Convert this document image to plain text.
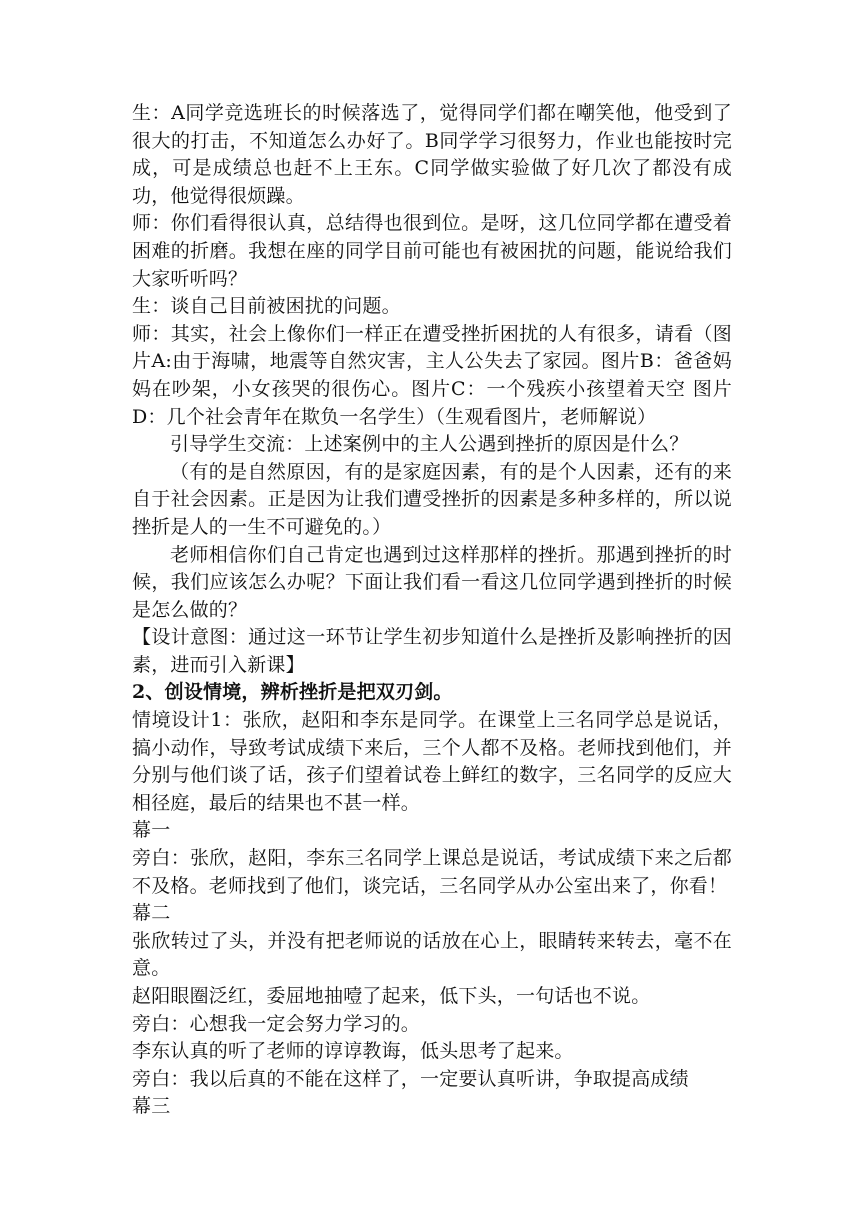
生：A同学竞选班长的时候落选了，觉得同学们都在嘲笑他，他受到了很大的打击，不知道怎么办好了。B同学学习很努力，作业也能按时完成，可是成绩总也赶不上王东。C同学做实验做了好几次了都没有成功，他觉得很烦躁。

师：你们看得很认真，总结得也很到位。是呀，这几位同学都在遭受着困难的折磨。我想在座的同学目前可能也有被困扰的问题，能说给我们大家听听吗？

生：谈自己目前被困扰的问题。

师：其实，社会上像你们一样正在遭受挫折困扰的人有很多，请看（图片A:由于海啸，地震等自然灾害，主人公失去了家园。图片B：爸爸妈妈在吵架，小女孩哭的很伤心。图片C：一个残疾小孩望着天空 图片D：几个社会青年在欺负一名学生）（生观看图片，老师解说）

引导学生交流：上述案例中的主人公遇到挫折的原因是什么？

（有的是自然原因，有的是家庭因素，有的是个人因素，还有的来自于社会因素。正是因为让我们遭受挫折的因素是多种多样的，所以说挫折是人的一生不可避免的。）

老师相信你们自己肯定也遇到过这样那样的挫折。那遇到挫折的时候，我们应该怎么办呢？下面让我们看一看这几位同学遇到挫折的时候是怎么做的？

【设计意图：通过这一环节让学生初步知道什么是挫折及影响挫折的因素，进而引入新课】

2、创设情境，辨析挫折是把双刃剑。

情境设计1：张欣，赵阳和李东是同学。在课堂上三名同学总是说话，搞小动作，导致考试成绩下来后，三个人都不及格。老师找到他们，并分别与他们谈了话，孩子们望着试卷上鲜红的数字，三名同学的反应大相径庭，最后的结果也不甚一样。

幕一

旁白：张欣，赵阳，李东三名同学上课总是说话，考试成绩下来之后都不及格。老师找到了他们，谈完话，三名同学从办公室出来了，你看！

幕二

张欣转过了头，并没有把老师说的话放在心上，眼睛转来转去，毫不在意。

赵阳眼圈泛红，委屈地抽噎了起来，低下头，一句话也不说。

旁白：心想我一定会努力学习的。

李东认真的听了老师的谆谆教诲，低头思考了起来。

旁白：我以后真的不能在这样了，一定要认真听讲，争取提高成绩

幕三
